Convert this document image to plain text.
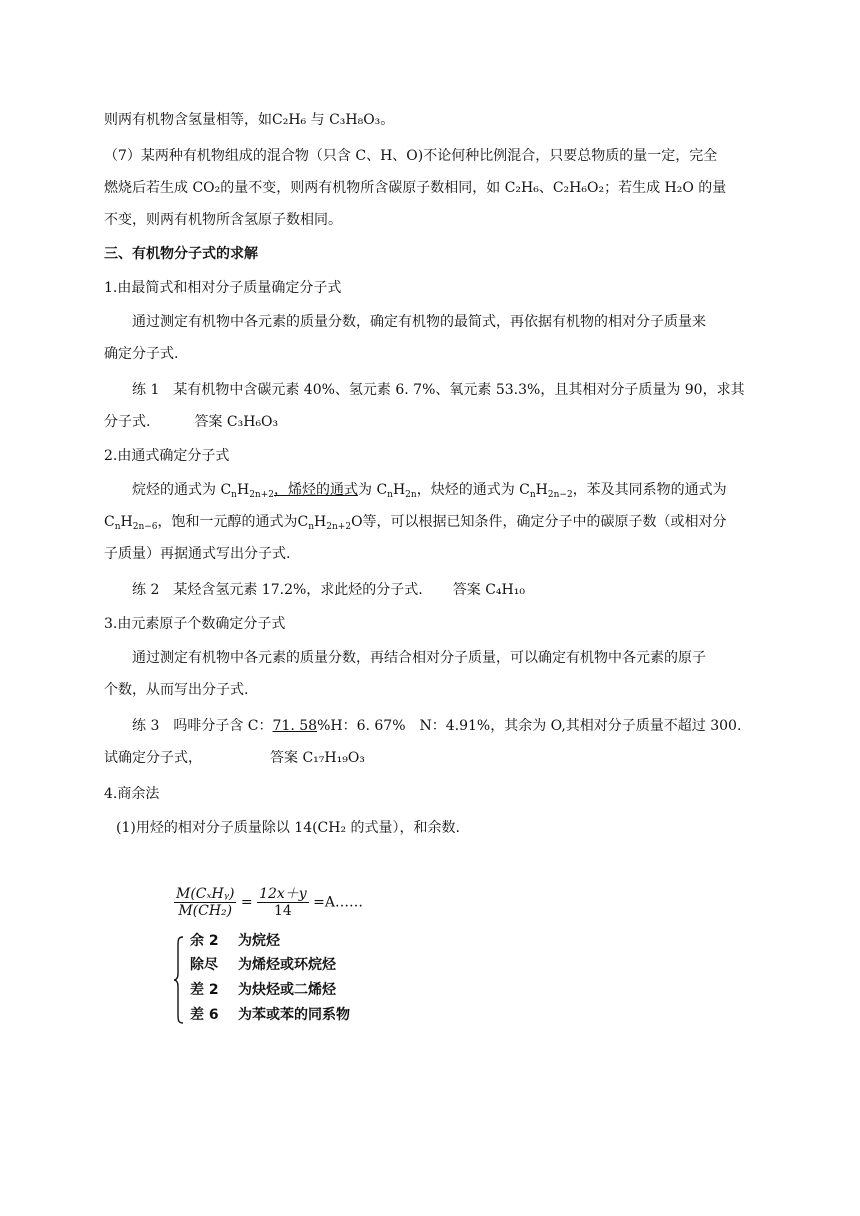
则两有机物含氢量相等，如C₂H₆ 与 C₃H₈O₃。
（7）某两种有机物组成的混合物（只含 C、H、O)不论何种比例混合，只要总物质的量一定，完全
燃烧后若生成 CO₂的量不变，则两有机物所含碳原子数相同，如 C₂H₆、C₂H₆O₂；若生成 H₂O 的量
不变，则两有机物所含氢原子数相同。
三、有机物分子式的求解
1.由最简式和相对分子质量确定分子式
通过测定有机物中各元素的质量分数，确定有机物的最简式，再依据有机物的相对分子质量来
确定分子式.
练 1　某有机物中含碳元素 40%、氢元素 6. 7%、氧元素 53.3%，且其相对分子质量为 90，求其
分子式.	答案 C₃H₆O₃
2.由通式确定分子式
烷烃的通式为 $C_nH_{2n+2}$，烯烃的通式为 $C_nH_{2n}$，炔烃的通式为 $C_nH_{2n-2}$，苯及其同系物的通式为
$C_nH_{2n-6}$，饱和一元醇的通式为$C_nH_{2n+2}O$等，可以根据已知条件，确定分子中的碳原子数（或相对分
子质量）再据通式写出分子式.
练 2　某烃含氢元素 17.2%，求此烃的分子式. 答案 C₄H₁₀
3.由元素原子个数确定分子式
通过测定有机物中各元素的质量分数，再结合相对分子质量，可以确定有机物中各元素的原子
个数，从而写出分子式.
练 3　吗啡分子含 C：71. 58%H：6. 67%　N：4.91%，其余为 O,其相对分子质量不超过 300.
试确定分子式，	答案 C₁₇H₁₉O₃
4.商余法
(1)用烃的相对分子质量除以 14(CH₂ 的式量），和余数.
$\frac{\text{M(CₓHᵧ)}}{\text{M(CH₂)}} = \frac{12x+y}{14}$ =A……
余 2 为烷烃
除尽 为烯烃或环烷烃
差 2 为炔烃或二烯烃
差 6 为苯或苯的同系物
